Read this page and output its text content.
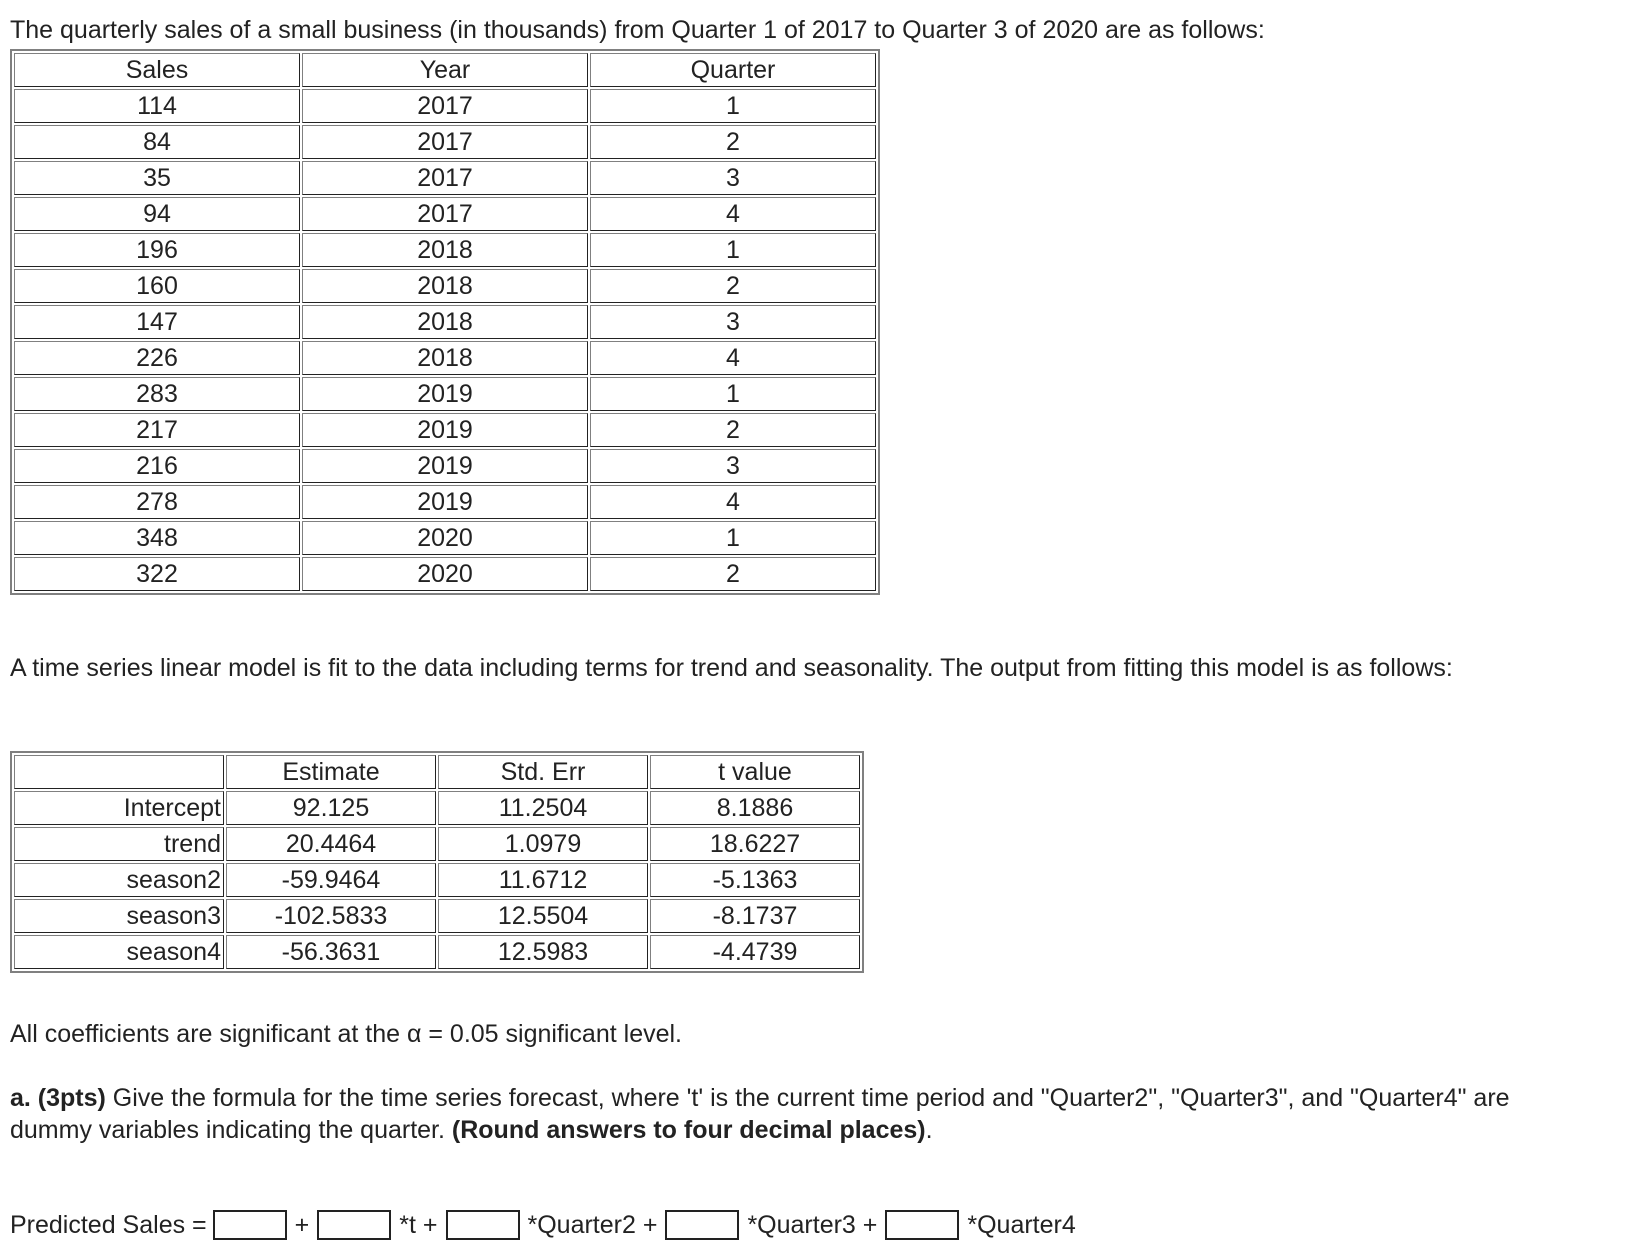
The quarterly sales of a small business (in thousands) from Quarter 1 of 2017 to Quarter 3 of 2020 are as follows:
Sales	Year	Quarter
114	2017	1
84	2017	2
35	2017	3
94	2017	4
196	2018	1
160	2018	2
147	2018	3
226	2018	4
283	2019	1
217	2019	2
216	2019	3
278	2019	4
348	2020	1
322	2020	2
A time series linear model is fit to the data including terms for trend and seasonality. The output from fitting this model is as follows:
	Estimate	Std. Err	t value
Intercept	92.125	11.2504	8.1886
trend	20.4464	1.0979	18.6227
season2	-59.9464	11.6712	-5.1363
season3	-102.5833	12.5504	-8.1737
season4	-56.3631	12.5983	-4.4739
All coefficients are significant at the α = 0.05 significant level.
a. (3pts) Give the formula for the time series forecast, where 't' is the current time period and "Quarter2", "Quarter3", and "Quarter4" are dummy variables indicating the quarter. (Round answers to four decimal places).
Predicted Sales =	+	*t +	*Quarter2 +	*Quarter3 +	*Quarter4
